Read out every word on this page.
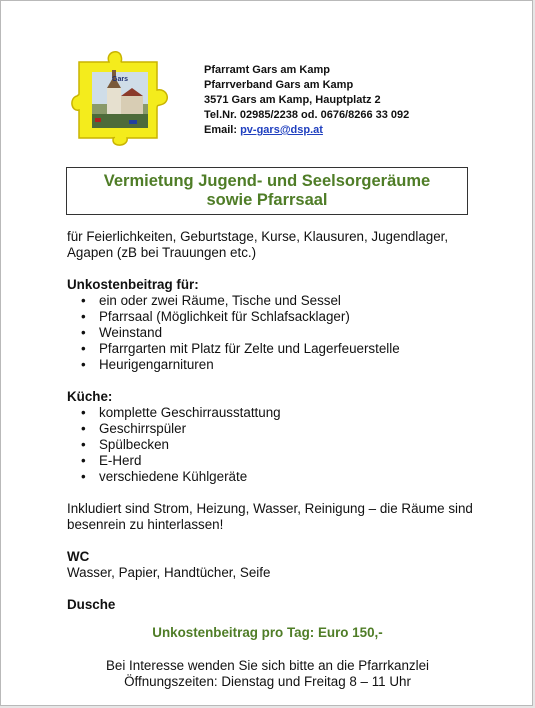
Gars
Pfarramt Gars am Kamp
Pfarrverband Gars am Kamp
3571 Gars am Kamp, Hauptplatz 2
Tel.Nr. 02985/2238 od. 0676/8266 33 092
Email: pv-gars@dsp.at
Vermietung Jugend- und Seelsorgeräume
sowie Pfarrsaal

für Feierlichkeiten, Geburtstage, Kurse, Klausuren, Jugendlager,

Agapen (zB bei Trauungen etc.)

Unkostenbeitrag für:

• ein oder zwei Räume, Tische und Sessel
• Pfarrsaal (Möglichkeit für Schlafsacklager)
• Weinstand
• Pfarrgarten mit Platz für Zelte und Lagerfeuerstelle
• Heurigengarnituren

Küche:

• komplette Geschirrausstattung
• Geschirrspüler
• Spülbecken
• E-Herd
• verschiedene Kühlgeräte

Inkludiert sind Strom, Heizung, Wasser, Reinigung – die Räume sind

besenrein zu hinterlassen!

WC

Wasser, Papier, Handtücher, Seife

Dusche

Unkostenbeitrag pro Tag: Euro 150,-
Bei Interesse wenden Sie sich bitte an die Pfarrkanzlei
Öffnungszeiten: Dienstag und Freitag 8 – 11 Uhr
